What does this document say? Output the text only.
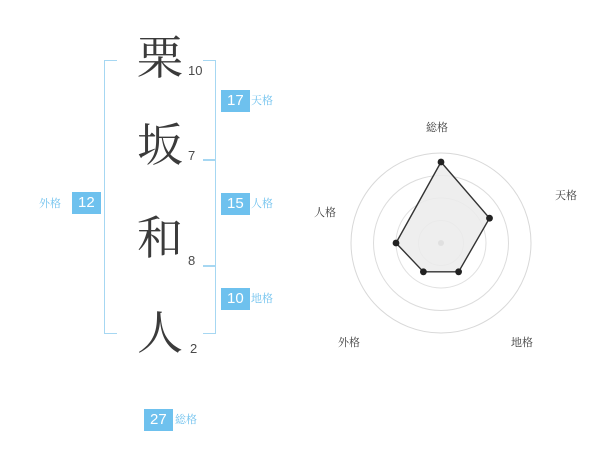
栗
坂
和
人
10
7
8
2
17 天格
15 人格
10 地格
外格	12
27 総格
総格
天格
地格
外格
人格
